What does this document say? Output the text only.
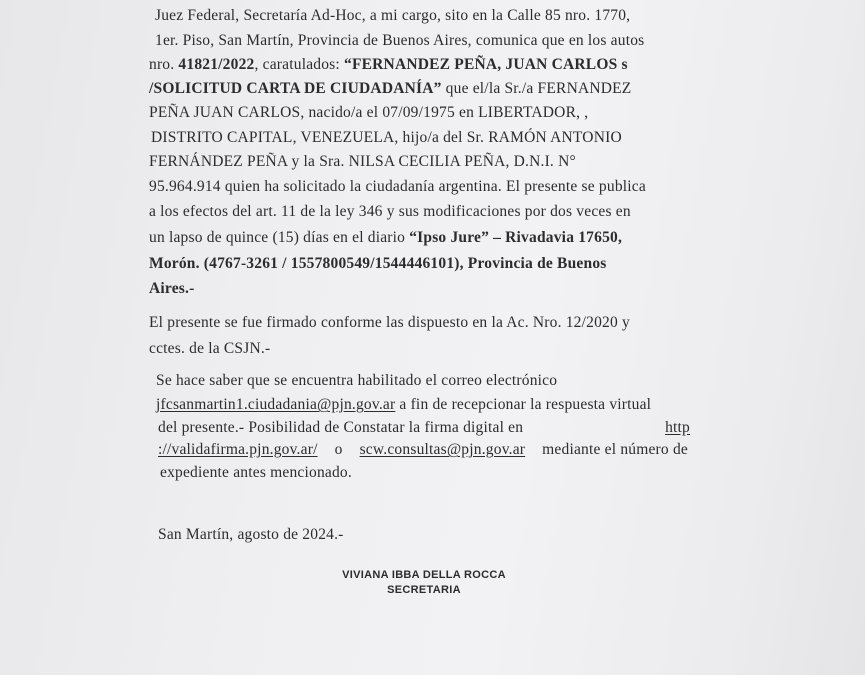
Juez Federal, Secretaría Ad-Hoc, a mi cargo, sito en la Calle 85 nro. 1770,
1er. Piso, San Martín, Provincia de Buenos Aires, comunica que en los autos
nro. 41821/2022, caratulados: “FERNANDEZ PEÑA, JUAN CARLOS s
/SOLICITUD CARTA DE CIUDADANÍA” que el/la Sr./a FERNANDEZ
PEÑA JUAN CARLOS, nacido/a el 07/09/1975 en LIBERTADOR, ,
DISTRITO CAPITAL, VENEZUELA, hijo/a del Sr. RAMÓN ANTONIO
FERNÁNDEZ PEÑA y la Sra. NILSA CECILIA PEÑA, D.N.I. N°
95.964.914 quien ha solicitado la ciudadanía argentina. El presente se publica
a los efectos del art. 11 de la ley 346 y sus modificaciones por dos veces en
un lapso de quince (15) días en el diario “Ipso Jure” – Rivadavia 17650,
Morón. (4767-3261 / 1557800549/1544446101), Provincia de Buenos
Aires.-
El presente se fue firmado conforme las dispuesto en la Ac. Nro. 12/2020 y
cctes. de la CSJN.-
Se hace saber que se encuentra habilitado el correo electrónico
jfcsanmartin1.ciudadania@pjn.gov.ar a fin de recepcionar la respuesta virtual
del presente.- Posibilidad de Constatar la firma digital en	http
://validafirma.pjn.gov.ar/ o scw.consultas@pjn.gov.ar mediante el número de
expediente antes mencionado.
San Martín, agosto de 2024.-
VIVIANA IBBA DELLA ROCCA
SECRETARIA
